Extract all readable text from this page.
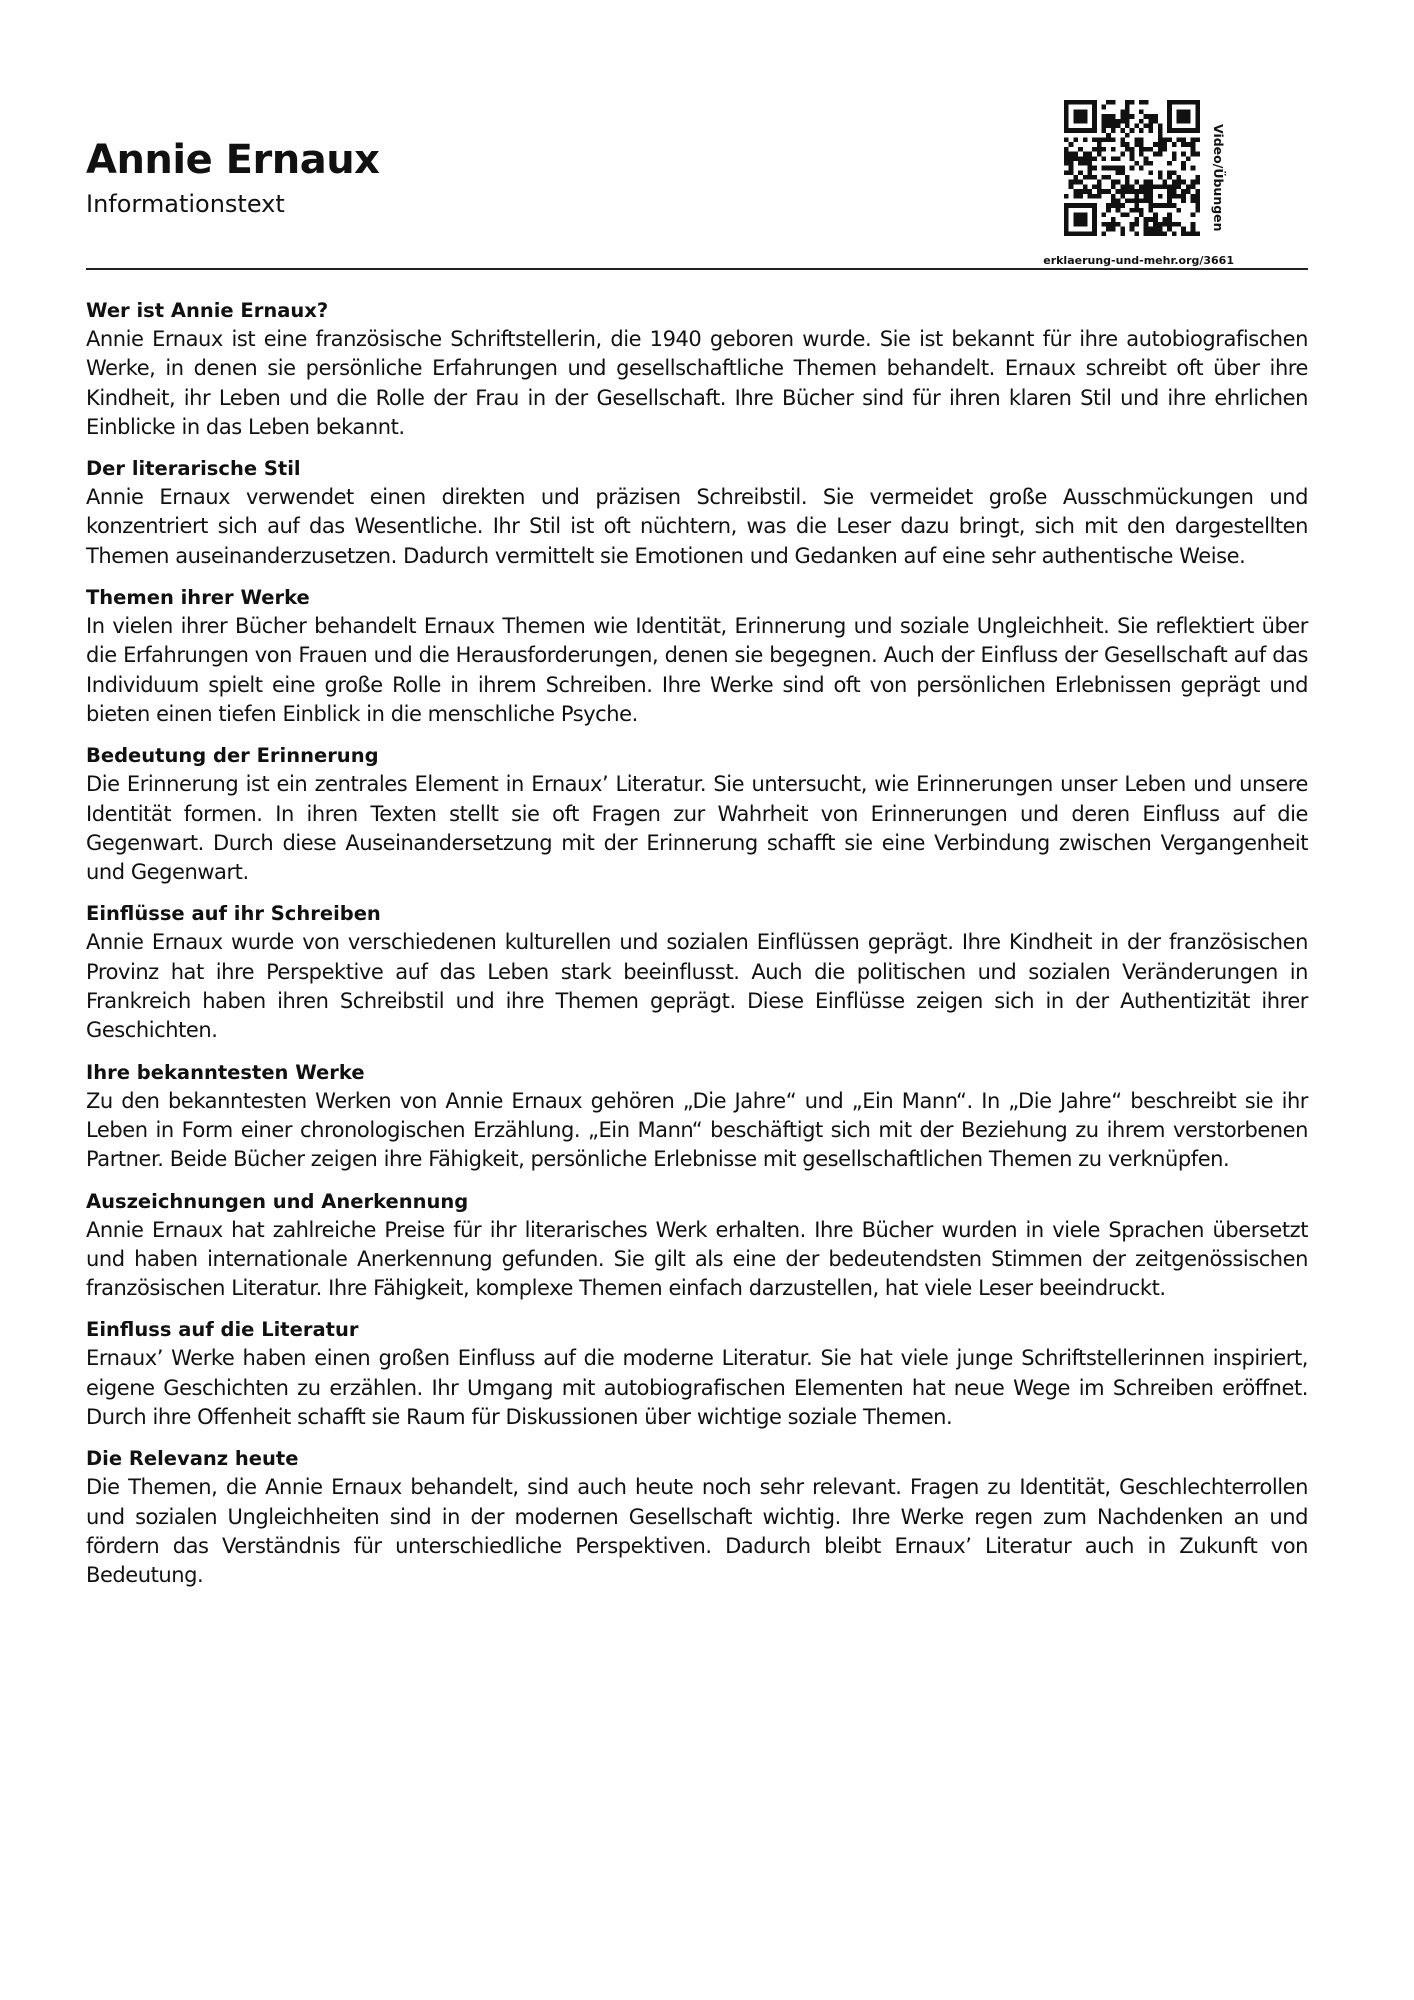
Annie Ernaux
Informationstext	Video/Übungen
erklaerung-und-mehr.org/3661
Wer ist Annie Ernaux?

Annie Ernaux ist eine französische Schriftstellerin, die 1940 geboren wurde. Sie ist bekannt für ihre autobiografischen Werke, in denen sie persönliche Erfahrungen und gesellschaftliche Themen behandelt. Ernaux schreibt oft über ihre Kindheit, ihr Leben und die Rolle der Frau in der Gesellschaft. Ihre Bücher sind für ihren klaren Stil und ihre ehrlichen Einblicke in das Leben bekannt.

Der literarische Stil

Annie Ernaux verwendet einen direkten und präzisen Schreibstil. Sie vermeidet große Ausschmückungen und konzentriert sich auf das Wesentliche. Ihr Stil ist oft nüchtern, was die Leser dazu bringt, sich mit den dargestellten Themen auseinanderzusetzen. Dadurch vermittelt sie Emotionen und Gedanken auf eine sehr authentische Weise.

Themen ihrer Werke

In vielen ihrer Bücher behandelt Ernaux Themen wie Identität, Erinnerung und soziale Ungleichheit. Sie reflektiert über die Erfahrungen von Frauen und die Herausforderungen, denen sie begegnen. Auch der Einfluss der Gesellschaft auf das Individuum spielt eine große Rolle in ihrem Schreiben. Ihre Werke sind oft von persönlichen Erlebnissen geprägt und bieten einen tiefen Einblick in die menschliche Psyche.

Bedeutung der Erinnerung

Die Erinnerung ist ein zentrales Element in Ernaux’ Literatur. Sie untersucht, wie Erinnerungen unser Leben und unsere Identität formen. In ihren Texten stellt sie oft Fragen zur Wahrheit von Erinnerungen und deren Einfluss auf die Gegenwart. Durch diese Auseinandersetzung mit der Erinnerung schafft sie eine Verbindung zwischen Vergangenheit und Gegenwart.

Einflüsse auf ihr Schreiben

Annie Ernaux wurde von verschiedenen kulturellen und sozialen Einflüssen geprägt. Ihre Kindheit in der französischen Provinz hat ihre Perspektive auf das Leben stark beeinflusst. Auch die politischen und sozialen Veränderungen in Frankreich haben ihren Schreibstil und ihre Themen geprägt. Diese Einflüsse zeigen sich in der Authentizität ihrer Geschichten.

Ihre bekanntesten Werke

Zu den bekanntesten Werken von Annie Ernaux gehören „Die Jahre“ und „Ein Mann“. In „Die Jahre“ beschreibt sie ihr Leben in Form einer chronologischen Erzählung. „Ein Mann“ beschäftigt sich mit der Beziehung zu ihrem verstorbenen Partner. Beide Bücher zeigen ihre Fähigkeit, persönliche Erlebnisse mit gesellschaftlichen Themen zu verknüpfen.

Auszeichnungen und Anerkennung

Annie Ernaux hat zahlreiche Preise für ihr literarisches Werk erhalten. Ihre Bücher wurden in viele Sprachen übersetzt und haben internationale Anerkennung gefunden. Sie gilt als eine der bedeutendsten Stimmen der zeitgenössischen französischen Literatur. Ihre Fähigkeit, komplexe Themen einfach darzustellen, hat viele Leser beeindruckt.

Einfluss auf die Literatur

Ernaux’ Werke haben einen großen Einfluss auf die moderne Literatur. Sie hat viele junge Schriftstellerinnen inspiriert, eigene Geschichten zu erzählen. Ihr Umgang mit autobiografischen Elementen hat neue Wege im Schreiben eröffnet. Durch ihre Offenheit schafft sie Raum für Diskussionen über wichtige soziale Themen.

Die Relevanz heute

Die Themen, die Annie Ernaux behandelt, sind auch heute noch sehr relevant. Fragen zu Identität, Geschlechterrollen und sozialen Ungleichheiten sind in der modernen Gesellschaft wichtig. Ihre Werke regen zum Nachdenken an und fördern das Verständnis für unterschiedliche Perspektiven. Dadurch bleibt Ernaux’ Literatur auch in Zukunft von Bedeutung.
